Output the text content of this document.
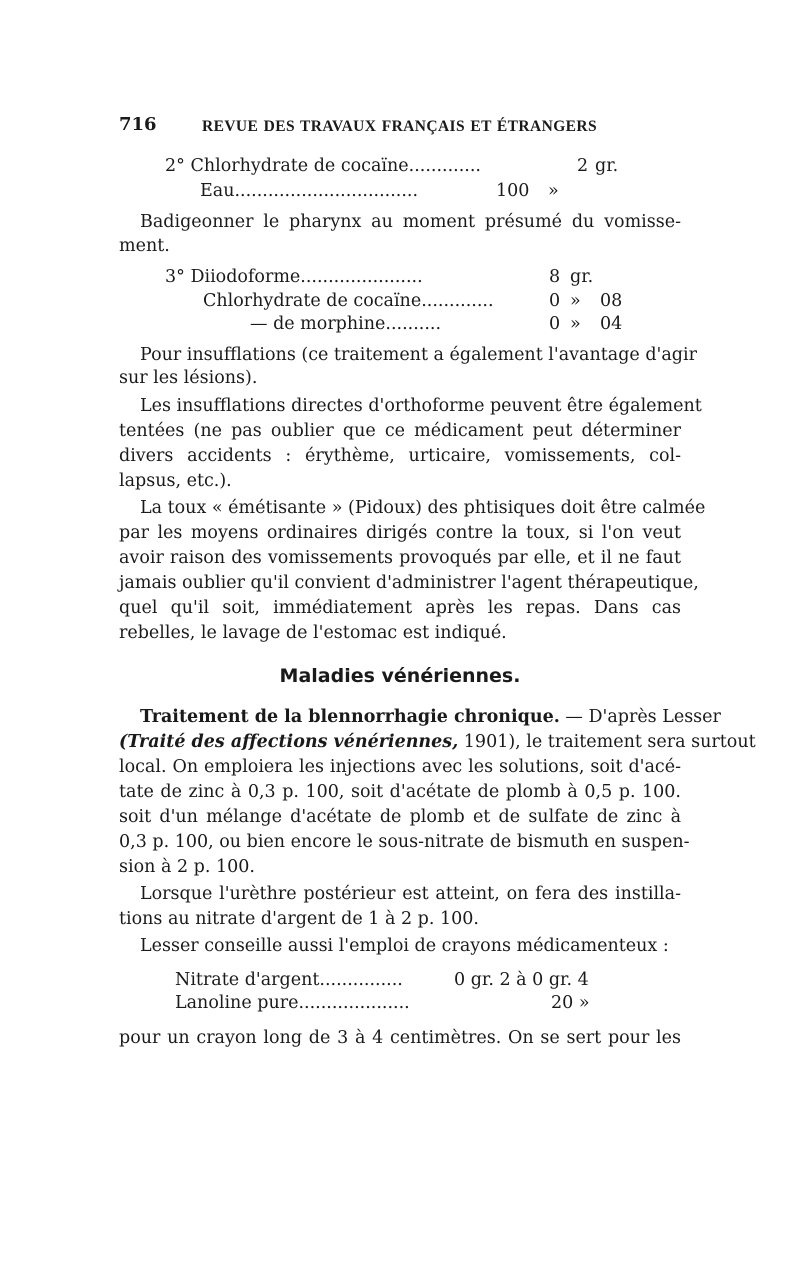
716	REVUE DES TRAVAUX FRANÇAIS ET ÉTRANGERS
2° Chlorhydrate de cocaïne.............	2 gr.
Eau.................................	100 »
Badigeonner le pharynx au moment présumé du vomisse-
ment.
3° Diiodoforme......................	8 gr.
Chlorhydrate de cocaïne.............	0 » 08
— de morphine..........	0 » 04
Pour insufflations (ce traitement a également l'avantage d'agir
sur les lésions).
Les insufflations directes d'orthoforme peuvent être également
tentées (ne pas oublier que ce médicament peut déterminer
divers accidents : érythème, urticaire, vomissements, col-
lapsus, etc.).
La toux « émétisante » (Pidoux) des phtisiques doit être calmée
par les moyens ordinaires dirigés contre la toux, si l'on veut
avoir raison des vomissements provoqués par elle, et il ne faut
jamais oublier qu'il convient d'administrer l'agent thérapeutique,
quel qu'il soit, immédiatement après les repas. Dans cas
rebelles, le lavage de l'estomac est indiqué.
Maladies vénériennes.
Traitement de la blennorrhagie chronique. — D'après Lesser
(Traité des affections vénériennes, 1901), le traitement sera surtout
local. On emploiera les injections avec les solutions, soit d'acé-
tate de zinc à 0,3 p. 100, soit d'acétate de plomb à 0,5 p. 100.
soit d'un mélange d'acétate de plomb et de sulfate de zinc à
0,3 p. 100, ou bien encore le sous-nitrate de bismuth en suspen-
sion à 2 p. 100.
Lorsque l'urèthre postérieur est atteint, on fera des instilla-
tions au nitrate d'argent de 1 à 2 p. 100.
Lesser conseille aussi l'emploi de crayons médicamenteux :
Nitrate d'argent...............	0 gr. 2 à 0 gr. 4
Lanoline pure....................	20 »
pour un crayon long de 3 à 4 centimètres. On se sert pour les
